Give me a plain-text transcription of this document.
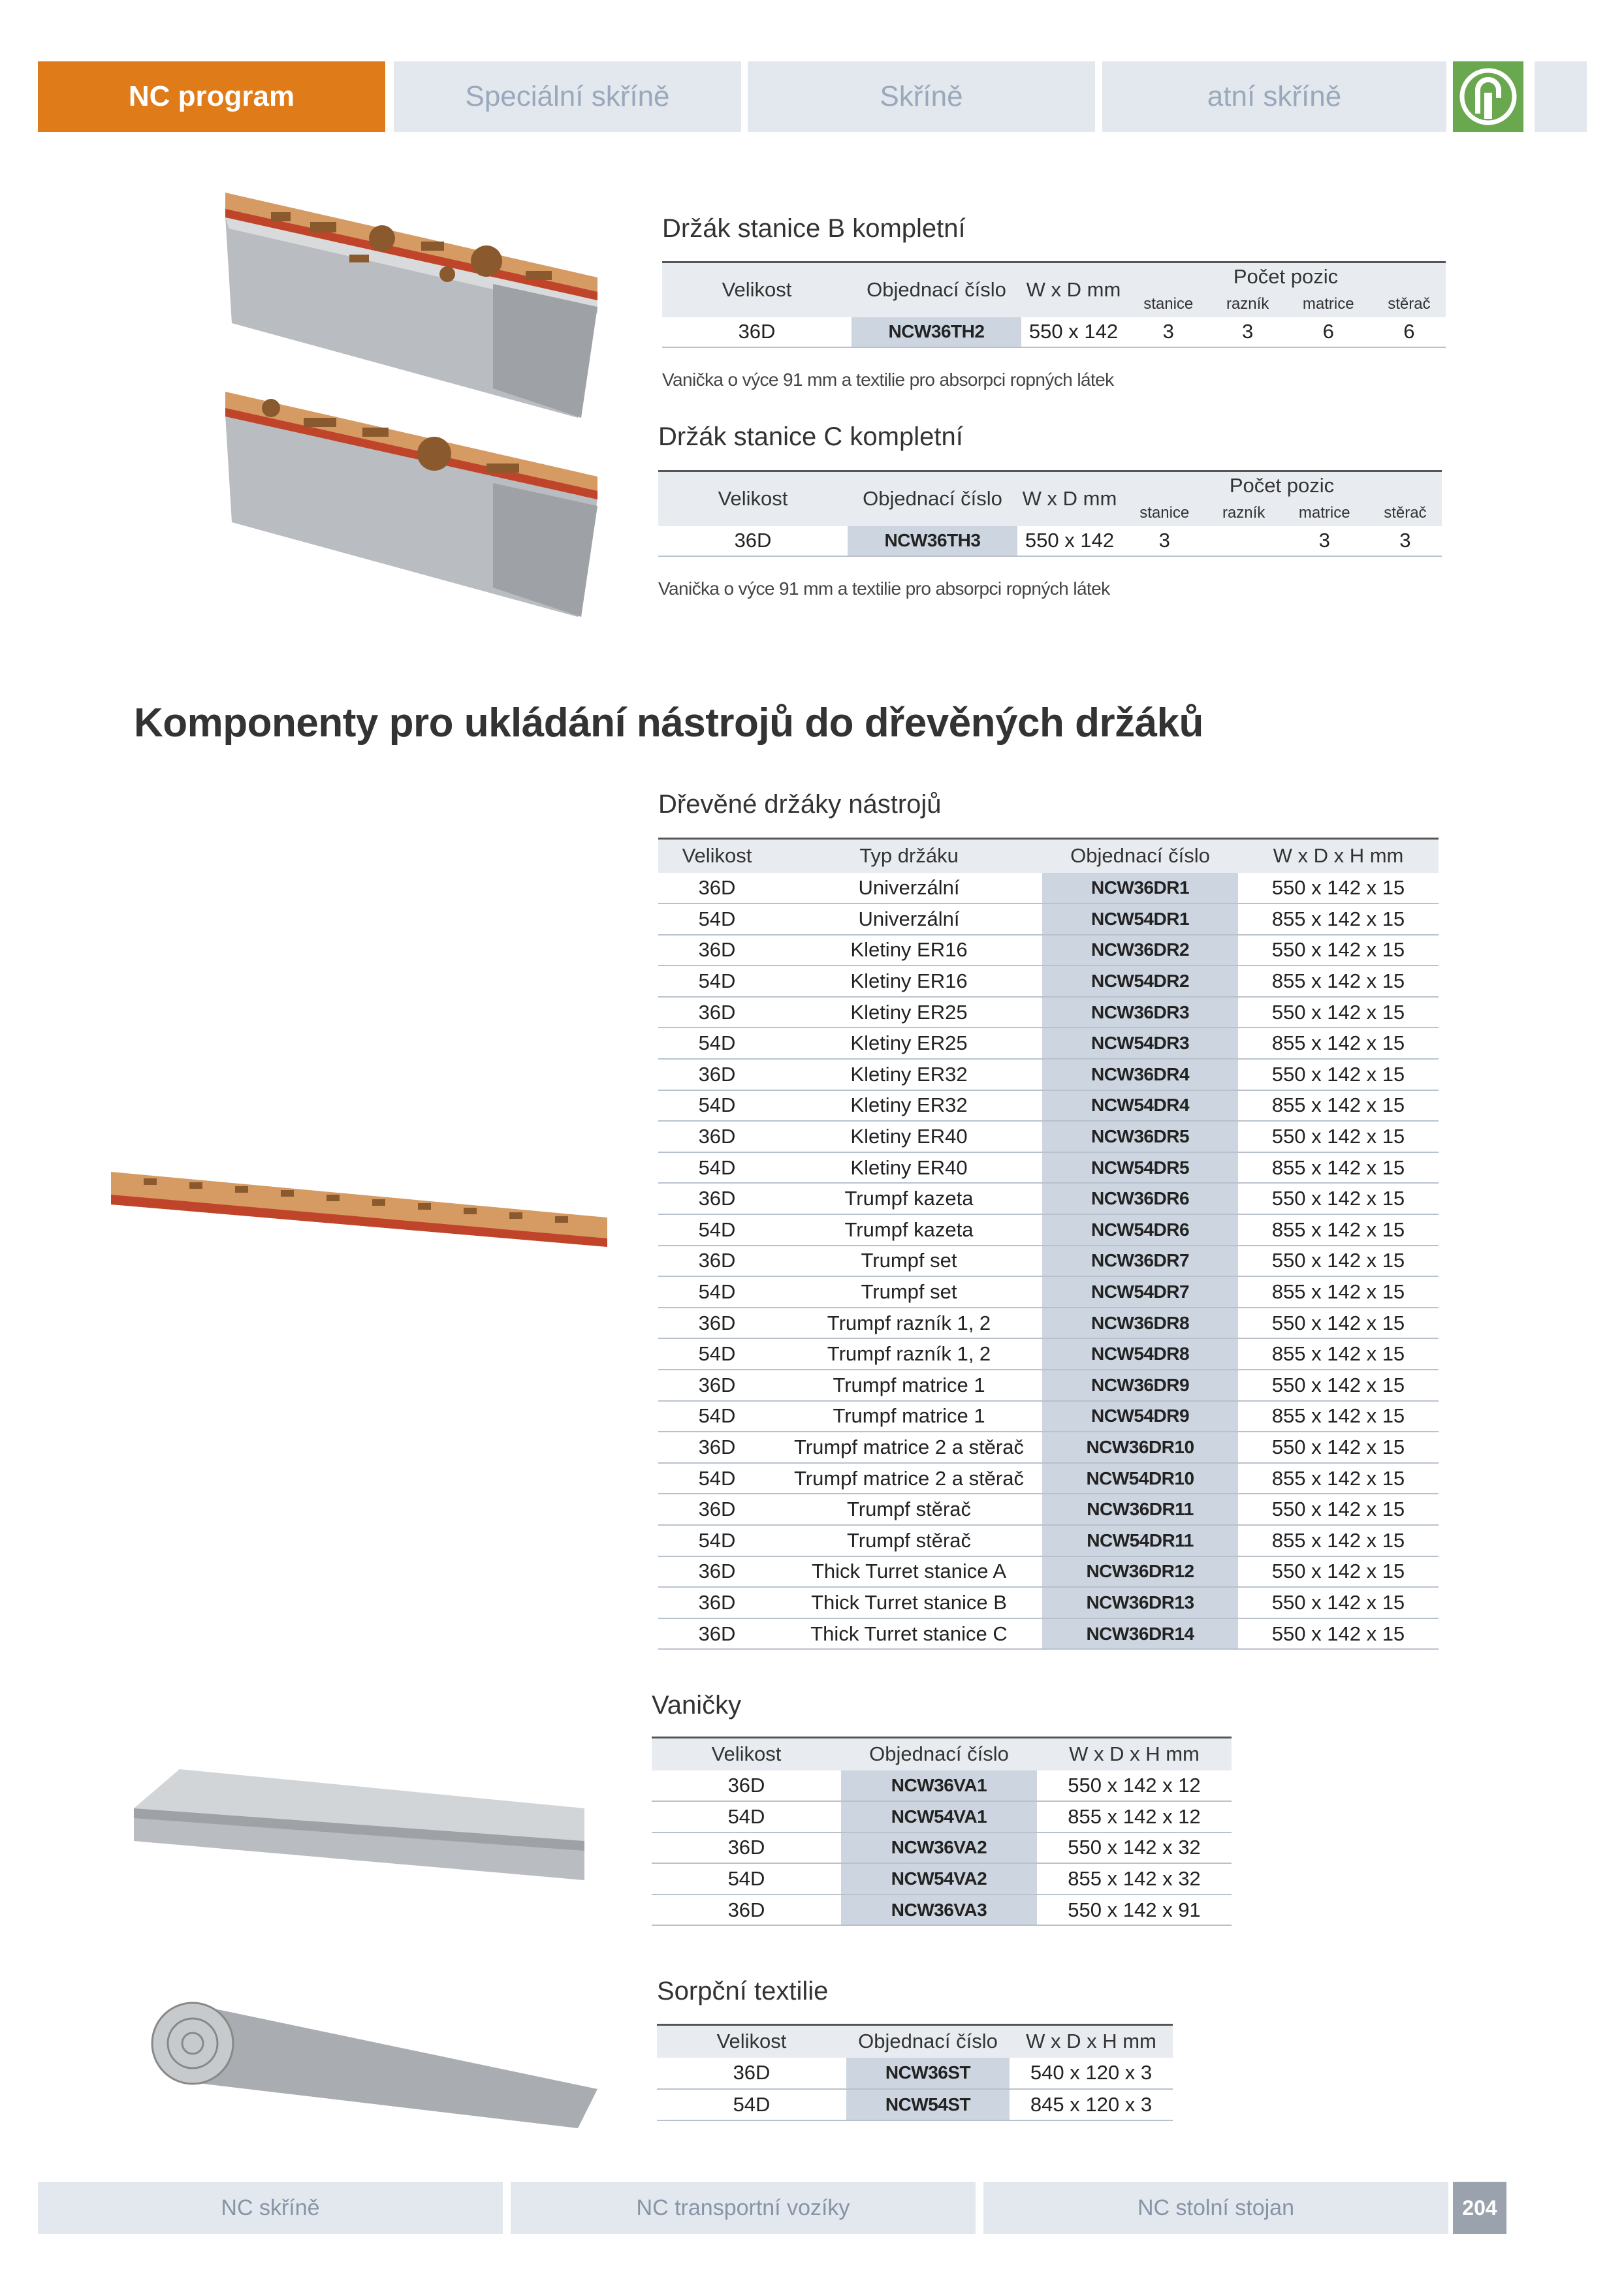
NC program	Speciální skříně	Skříně	atní skříně
Držák stanice B kompletní
Velikost	Objednací číslo	W x D mm	Počet pozic			
			stanice	razník	matrice	stěrač
36D	NCW36TH2	550 x 142	3	3	6	6
Vanička o výce 91 mm a textilie pro absorpci ropných látek
Držák stanice C kompletní
Velikost	Objednací číslo	W x D mm	Počet pozic			
			stanice	razník	matrice	stěrač
36D	NCW36TH3	550 x 142	3		3	3
Vanička o výce 91 mm a textilie pro absorpci ropných látek
Komponenty pro ukládání nástrojů do dřevěných držáků
Dřevěné držáky nástrojů
Velikost	Typ držáku	Objednací číslo	W x D x H mm
36D	Univerzální	NCW36DR1	550 x 142 x 15
54D	Univerzální	NCW54DR1	855 x 142 x 15
36D	Kletiny ER16	NCW36DR2	550 x 142 x 15
54D	Kletiny ER16	NCW54DR2	855 x 142 x 15
36D	Kletiny ER25	NCW36DR3	550 x 142 x 15
54D	Kletiny ER25	NCW54DR3	855 x 142 x 15
36D	Kletiny ER32	NCW36DR4	550 x 142 x 15
54D	Kletiny ER32	NCW54DR4	855 x 142 x 15
36D	Kletiny ER40	NCW36DR5	550 x 142 x 15
54D	Kletiny ER40	NCW54DR5	855 x 142 x 15
36D	Trumpf kazeta	NCW36DR6	550 x 142 x 15
54D	Trumpf kazeta	NCW54DR6	855 x 142 x 15
36D	Trumpf set	NCW36DR7	550 x 142 x 15
54D	Trumpf set	NCW54DR7	855 x 142 x 15
36D	Trumpf razník 1, 2	NCW36DR8	550 x 142 x 15
54D	Trumpf razník 1, 2	NCW54DR8	855 x 142 x 15
36D	Trumpf matrice 1	NCW36DR9	550 x 142 x 15
54D	Trumpf matrice 1	NCW54DR9	855 x 142 x 15
36D	Trumpf matrice 2 a stěrač	NCW36DR10	550 x 142 x 15
54D	Trumpf matrice 2 a stěrač	NCW54DR10	855 x 142 x 15
36D	Trumpf stěrač	NCW36DR11	550 x 142 x 15
54D	Trumpf stěrač	NCW54DR11	855 x 142 x 15
36D	Thick Turret stanice A	NCW36DR12	550 x 142 x 15
36D	Thick Turret stanice B	NCW36DR13	550 x 142 x 15
36D	Thick Turret stanice C	NCW36DR14	550 x 142 x 15
Vaničky
Velikost	Objednací číslo	W x D x H mm
36D	NCW36VA1	550 x 142 x 12
54D	NCW54VA1	855 x 142 x 12
36D	NCW36VA2	550 x 142 x 32
54D	NCW54VA2	855 x 142 x 32
36D	NCW36VA3	550 x 142 x 91
Sorpční textilie
Velikost	Objednací číslo	W x D x H mm
36D	NCW36ST	540 x 120 x 3
54D	NCW54ST	845 x 120 x 3
NC skříně	NC transportní vozíky	NC stolní stojan	204
